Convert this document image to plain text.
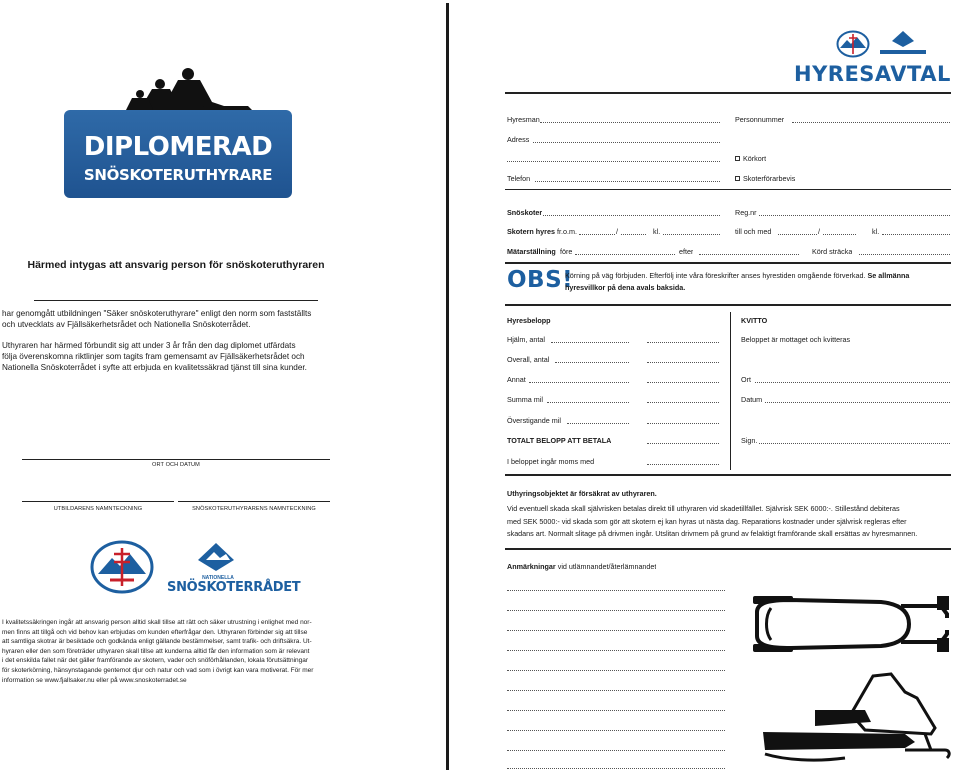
DIPLOMERAD
SNÖSKOTERUTHYRARE
Härmed intygas att ansvarig person för snöskoteruthyraren
har genomgått utbildningen "Säker snöskoteruthyrare" enligt den norm som fastställts
och utvecklats av Fjällsäkerhetsrådet och Nationella Snöskoterrådet.
Uthyraren har härmed förbundit sig att under 3 år från den dag diplomet utfärdats
följa överenskomna riktlinjer som tagits fram gemensamt av Fjällsäkerhetsrådet och
Nationella Snöskoterrådet i syfte att erbjuda en kvalitetssäkrad tjänst till sina kunder.
ORT OCH DATUM
UTBILDARENS NAMNTECKNING	SNÖSKOTERUTHYRARENS NAMNTECKNING
NATIONELLA
SNÖSKOTERRÅDET
I kvalitetssäkringen ingår att ansvarig person alltid skall tillse att rätt och säker utrustning i enlighet med nor-
men finns att tillgå och vid behov kan erbjudas om kunden efterfrågar den. Uthyraren förbinder sig att tillse
att samtliga skotrar är besiktade och godkända enligt gällande bestämmelser, samt trafik- och driftsäkra. Ut-
hyraren eller den som företräder uthyraren skall tillse att kunderna alltid får den information som är relevant
i det enskilda fallet när det gäller framförande av skotern, vader och snöförhållanden, lokala förutsättningar
för skoterkörning, hänsynstagande gentemot djur och natur och vad som i övrigt kan vara motiverat. För mer
information se www.fjallsaker.nu eller på www.snoskoterradet.se
HYRESAVTAL
Hyresman	Personnummer
Adress
Körkort
Telefon	Skoterförarbevis
Snöskoter	Reg.nr
Skotern hyres fr.o.m.	/	kl.	till och med	/	kl.
Mätarställning före	efter	Körd sträcka
OBS!
Körning på väg förbjuden. Efterfölj inte våra föreskrifter anses hyrestiden omgående förverkad. Se allmänna
hyresvillkor på dena avals baksida.
Hyresbelopp
Hjälm, antal
Overall, antal
Annat
Summa mil
Överstigande mil
TOTALT BELOPP ATT BETALA
I beloppet ingår moms med
KVITTO
Beloppet är mottaget och kvitteras
Ort
Datum
Sign.
Uthyringsobjektet är försäkrat av uthyraren.
Vid eventuell skada skall självrisken betalas direkt till uthyraren vid skadetillfället. Självrisk SEK 6000:-. Stillestånd debiteras
med SEK 5000:- vid skada som gör att skotern ej kan hyras ut nästa dag. Reparations kostnader under självrisk regleras efter
skadans art. Normalt slitage på drivmen ingår. Utslitan drivmem på grund av felaktigt framförande skall ersättas av hyresmannen.
Anmärkningar vid utlämnandet/återlämnandet
